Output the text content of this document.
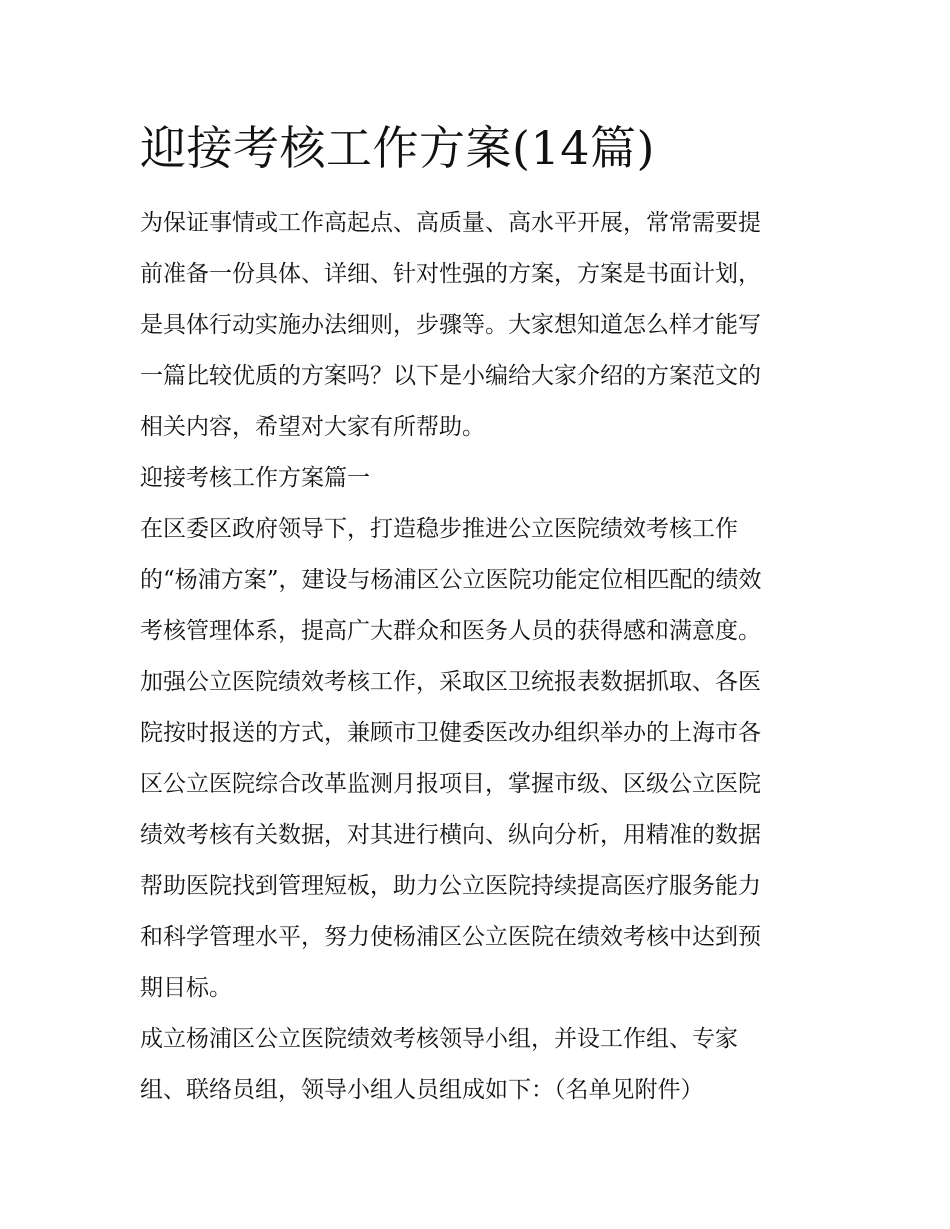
迎接考核工作方案(14篇)

为保证事情或工作高起点、高质量、高水平开展，常常需要提
前准备一份具体、详细、针对性强的方案，方案是书面计划，
是具体行动实施办法细则，步骤等。大家想知道怎么样才能写
一篇比较优质的方案吗？以下是小编给大家介绍的方案范文的
相关内容，希望对大家有所帮助。

迎接考核工作方案篇一

在区委区政府领导下，打造稳步推进公立医院绩效考核工作
的“杨浦方案”，建设与杨浦区公立医院功能定位相匹配的绩效
考核管理体系，提高广大群众和医务人员的获得感和满意度。

加强公立医院绩效考核工作，采取区卫统报表数据抓取、各医
院按时报送的方式，兼顾市卫健委医改办组织举办的上海市各
区公立医院综合改革监测月报项目，掌握市级、区级公立医院
绩效考核有关数据，对其进行横向、纵向分析，用精准的数据
帮助医院找到管理短板，助力公立医院持续提高医疗服务能力
和科学管理水平，努力使杨浦区公立医院在绩效考核中达到预
期目标。

成立杨浦区公立医院绩效考核领导小组，并设工作组、专家
组、联络员组，领导小组人员组成如下：（名单见附件）
